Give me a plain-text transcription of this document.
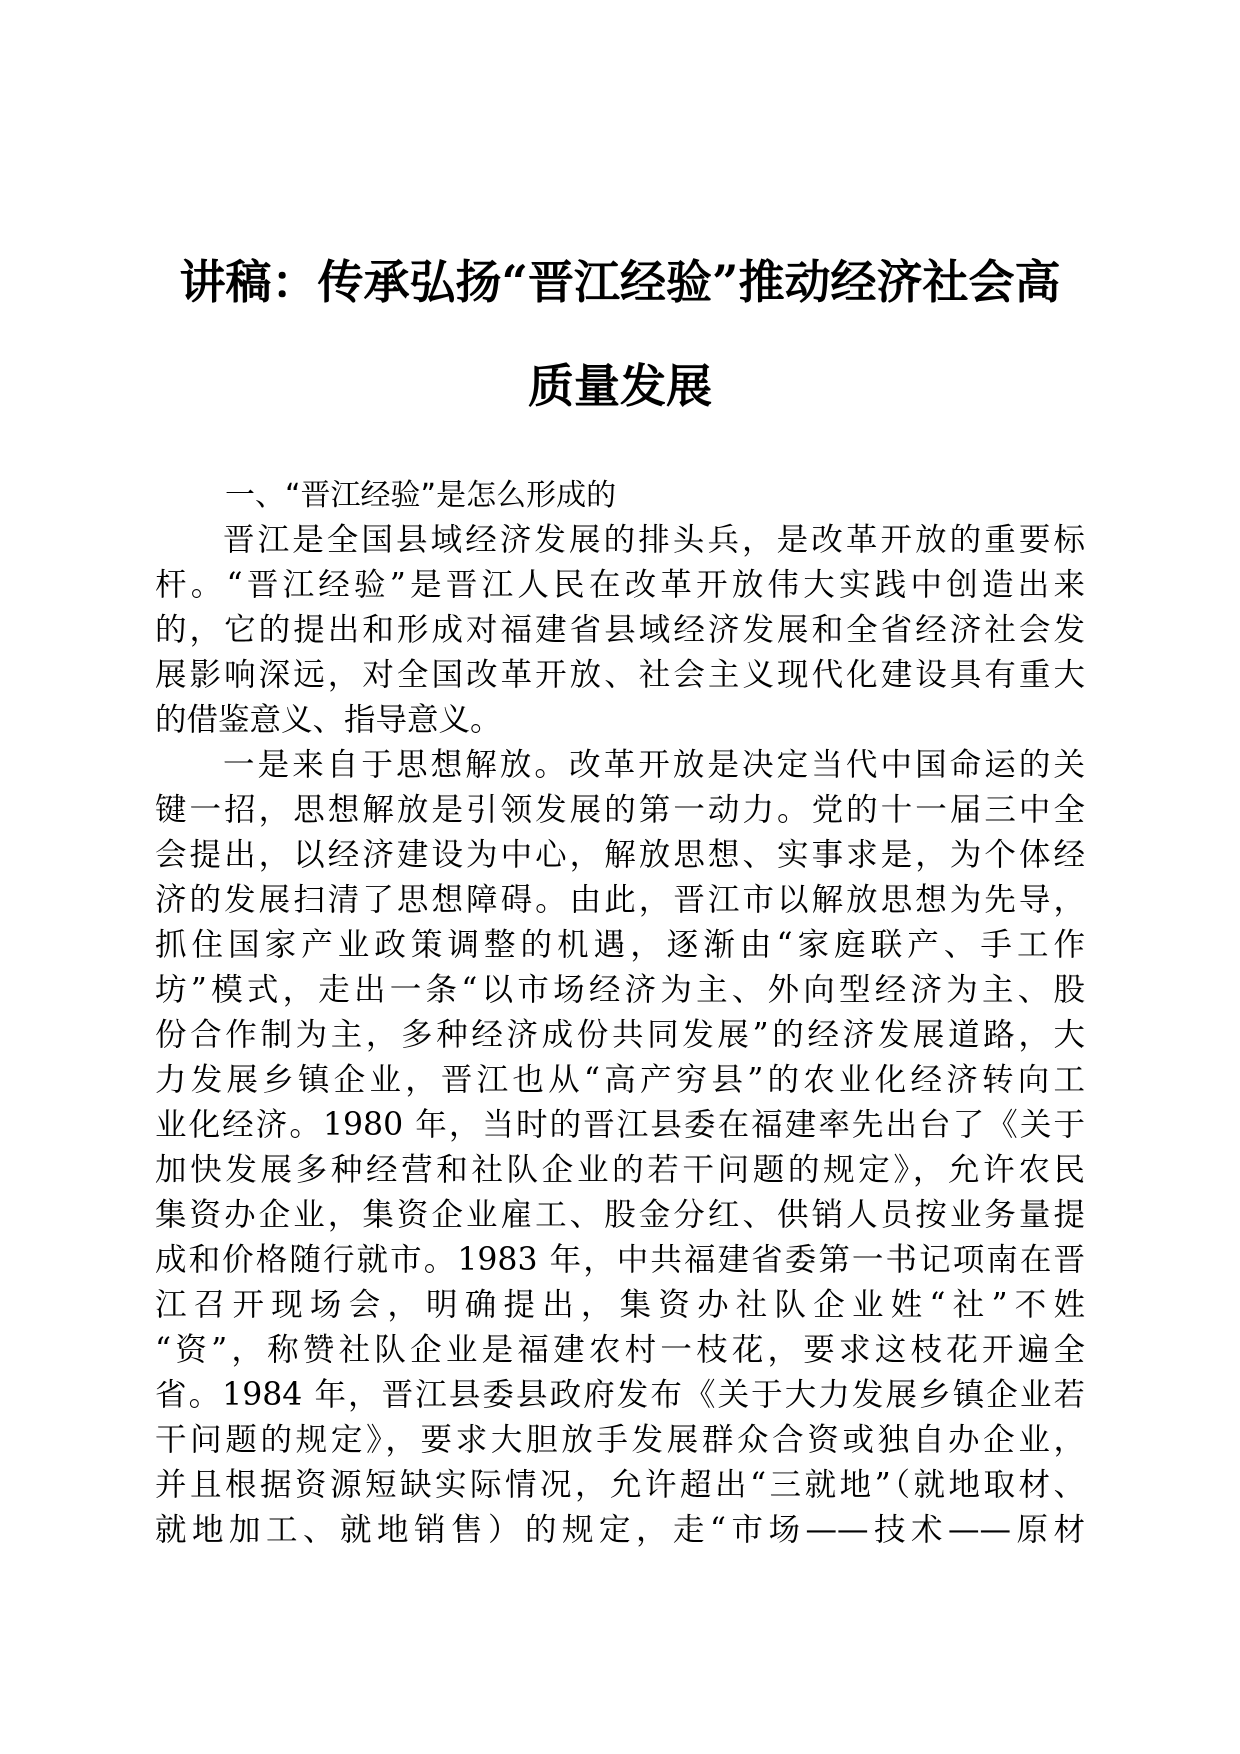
讲稿：传承弘扬“晋江经验”推动经济社会高
质量发展
一、“晋江经验”是怎么形成的
晋江是全国县域经济发展的排头兵，是改革开放的重要标
杆。“晋江经验”是晋江人民在改革开放伟大实践中创造出来
的，它的提出和形成对福建省县域经济发展和全省经济社会发
展影响深远，对全国改革开放、社会主义现代化建设具有重大
的借鉴意义、指导意义。
一是来自于思想解放。改革开放是决定当代中国命运的关
键一招，思想解放是引领发展的第一动力。党的十一届三中全
会提出，以经济建设为中心，解放思想、实事求是，为个体经
济的发展扫清了思想障碍。由此，晋江市以解放思想为先导，
抓住国家产业政策调整的机遇，逐渐由“家庭联产、手工作
坊”模式，走出一条“以市场经济为主、外向型经济为主、股
份合作制为主，多种经济成份共同发展”的经济发展道路，大
力发展乡镇企业，晋江也从“高产穷县”的农业化经济转向工
业化经济。1980 年，当时的晋江县委在福建率先出台了《关于
加快发展多种经营和社队企业的若干问题的规定》，允许农民
集资办企业，集资企业雇工、股金分红、供销人员按业务量提
成和价格随行就市。1983 年，中共福建省委第一书记项南在晋
江召开现场会，明确提出，集资办社队企业姓“社”不姓
“资”，称赞社队企业是福建农村一枝花，要求这枝花开遍全
省。1984 年，晋江县委县政府发布《关于大力发展乡镇企业若
干问题的规定》，要求大胆放手发展群众合资或独自办企业，
并且根据资源短缺实际情况，允许超出“三就地”（就地取材、
就地加工、就地销售）的规定，走“市场——技术——原材
